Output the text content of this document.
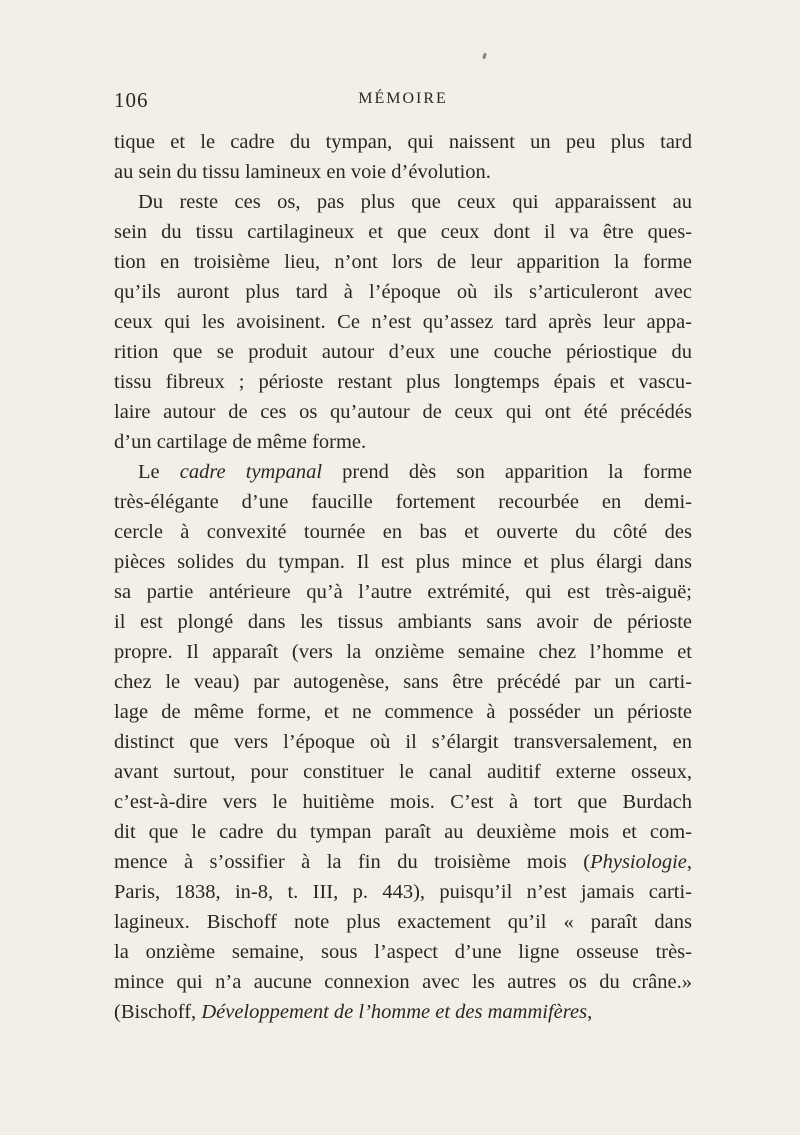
106	MÉMOIRE
tique et le cadre du tympan, qui naissent un peu plus tard
au sein du tissu lamineux en voie d’évolution.
Du reste ces os, pas plus que ceux qui apparaissent au
sein du tissu cartilagineux et que ceux dont il va être ques-
tion en troisième lieu, n’ont lors de leur apparition la forme
qu’ils auront plus tard à l’époque où ils s’articuleront avec
ceux qui les avoisinent. Ce n’est qu’assez tard après leur appa-
rition que se produit autour d’eux une couche périostique du
tissu fibreux ; périoste restant plus longtemps épais et vascu-
laire autour de ces os qu’autour de ceux qui ont été précédés
d’un cartilage de même forme.
Le cadre tympanal prend dès son apparition la forme
très-élégante d’une faucille fortement recourbée en demi-
cercle à convexité tournée en bas et ouverte du côté des
pièces solides du tympan. Il est plus mince et plus élargi dans
sa partie antérieure qu’à l’autre extrémité, qui est très-aiguë;
il est plongé dans les tissus ambiants sans avoir de périoste
propre. Il apparaît (vers la onzième semaine chez l’homme et
chez le veau) par autogenèse, sans être précédé par un carti-
lage de même forme, et ne commence à posséder un périoste
distinct que vers l’époque où il s’élargit transversalement, en
avant surtout, pour constituer le canal auditif externe osseux,
c’est-à-dire vers le huitième mois. C’est à tort que Burdach
dit que le cadre du tympan paraît au deuxième mois et com-
mence à s’ossifier à la fin du troisième mois (Physiologie,
Paris, 1838, in-8, t. III, p. 443), puisqu’il n’est jamais carti-
lagineux. Bischoff note plus exactement qu’il « paraît dans
la onzième semaine, sous l’aspect d’une ligne osseuse très-
mince qui n’a aucune connexion avec les autres os du crâne.»
(Bischoff, Développement de l’homme et des mammifères,
